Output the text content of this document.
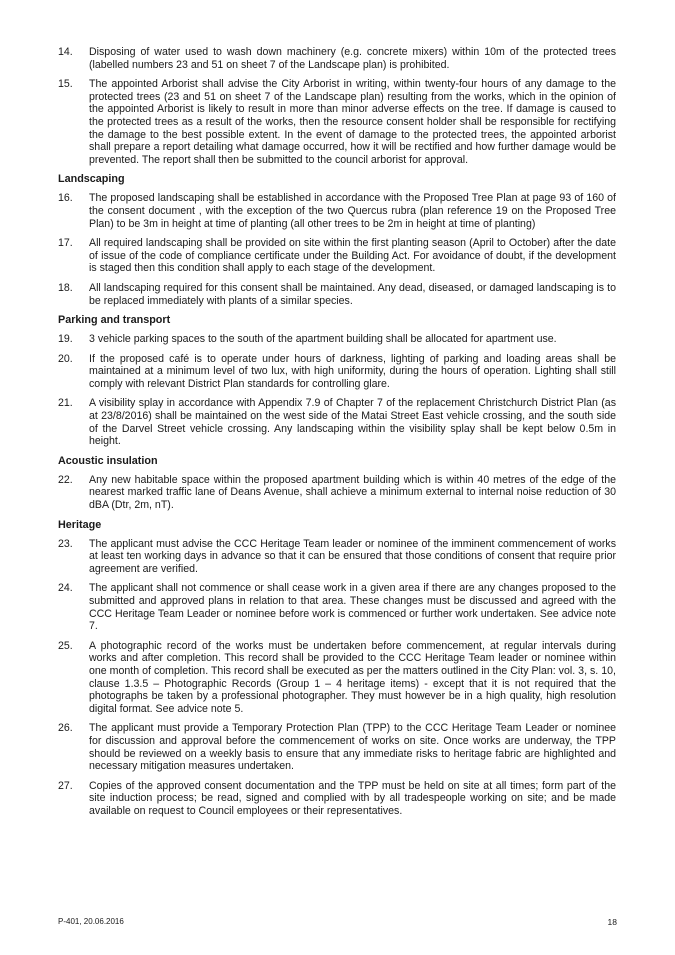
14.	Disposing of water used to wash down machinery (e.g. concrete mixers) within 10m of the protected trees (labelled numbers 23 and 51 on sheet 7 of the Landscape plan) is prohibited.
15.	The appointed Arborist shall advise the City Arborist in writing, within twenty-four hours of any damage to the protected trees (23 and 51 on sheet 7 of the Landscape plan) resulting from the works, which in the opinion of the appointed Arborist is likely to result in more than minor adverse effects on the tree. If damage is caused to the protected trees as a result of the works, then the resource consent holder shall be responsible for rectifying the damage to the best possible extent. In the event of damage to the protected trees, the appointed arborist shall prepare a report detailing what damage occurred, how it will be rectified and how further damage would be prevented. The report shall then be submitted to the council arborist for approval.
Landscaping
16.	The proposed landscaping shall be established in accordance with the Proposed Tree Plan at page 93 of 160 of the consent document , with the exception of the two Quercus rubra (plan reference 19 on the Proposed Tree Plan) to be 3m in height at time of planting (all other trees to be 2m in height at time of planting)
17.	All required landscaping shall be provided on site within the first planting season (April to October) after the date of issue of the code of compliance certificate under the Building Act. For avoidance of doubt, if the development is staged then this condition shall apply to each stage of the development.
18.	All landscaping required for this consent shall be maintained. Any dead, diseased, or damaged landscaping is to be replaced immediately with plants of a similar species.
Parking and transport
19.	3 vehicle parking spaces to the south of the apartment building shall be allocated for apartment use.
20.	If the proposed café is to operate under hours of darkness, lighting of parking and loading areas shall be maintained at a minimum level of two lux, with high uniformity, during the hours of operation. Lighting shall still comply with relevant District Plan standards for controlling glare.
21.	A visibility splay in accordance with Appendix 7.9 of Chapter 7 of the replacement Christchurch District Plan (as at 23/8/2016) shall be maintained on the west side of the Matai Street East vehicle crossing, and the south side of the Darvel Street vehicle crossing. Any landscaping within the visibility splay shall be kept below 0.5m in height.
Acoustic insulation
22.	Any new habitable space within the proposed apartment building which is within 40 metres of the edge of the nearest marked traffic lane of Deans Avenue, shall achieve a minimum external to internal noise reduction of 30 dBA (Dtr, 2m, nT).
Heritage
23.	The applicant must advise the CCC Heritage Team leader or nominee of the imminent commencement of works at least ten working days in advance so that it can be ensured that those conditions of consent that require prior agreement are verified.
24.	The applicant shall not commence or shall cease work in a given area if there are any changes proposed to the submitted and approved plans in relation to that area. These changes must be discussed and agreed with the CCC Heritage Team Leader or nominee before work is commenced or further work undertaken. See advice note 7.
25.	A photographic record of the works must be undertaken before commencement, at regular intervals during works and after completion. This record shall be provided to the CCC Heritage Team leader or nominee within one month of completion. This record shall be executed as per the matters outlined in the City Plan: vol. 3, s. 10, clause 1.3.5 – Photographic Records (Group 1 – 4 heritage items) - except that it is not required that the photographs be taken by a professional photographer. They must however be in a high quality, high resolution digital format. See advice note 5.
26.	The applicant must provide a Temporary Protection Plan (TPP) to the CCC Heritage Team Leader or nominee for discussion and approval before the commencement of works on site. Once works are underway, the TPP should be reviewed on a weekly basis to ensure that any immediate risks to heritage fabric are highlighted and necessary mitigation measures undertaken.
27.	Copies of the approved consent documentation and the TPP must be held on site at all times; form part of the site induction process; be read, signed and complied with by all tradespeople working on site; and be made available on request to Council employees or their representatives.
P-401, 20.06.2016	18
